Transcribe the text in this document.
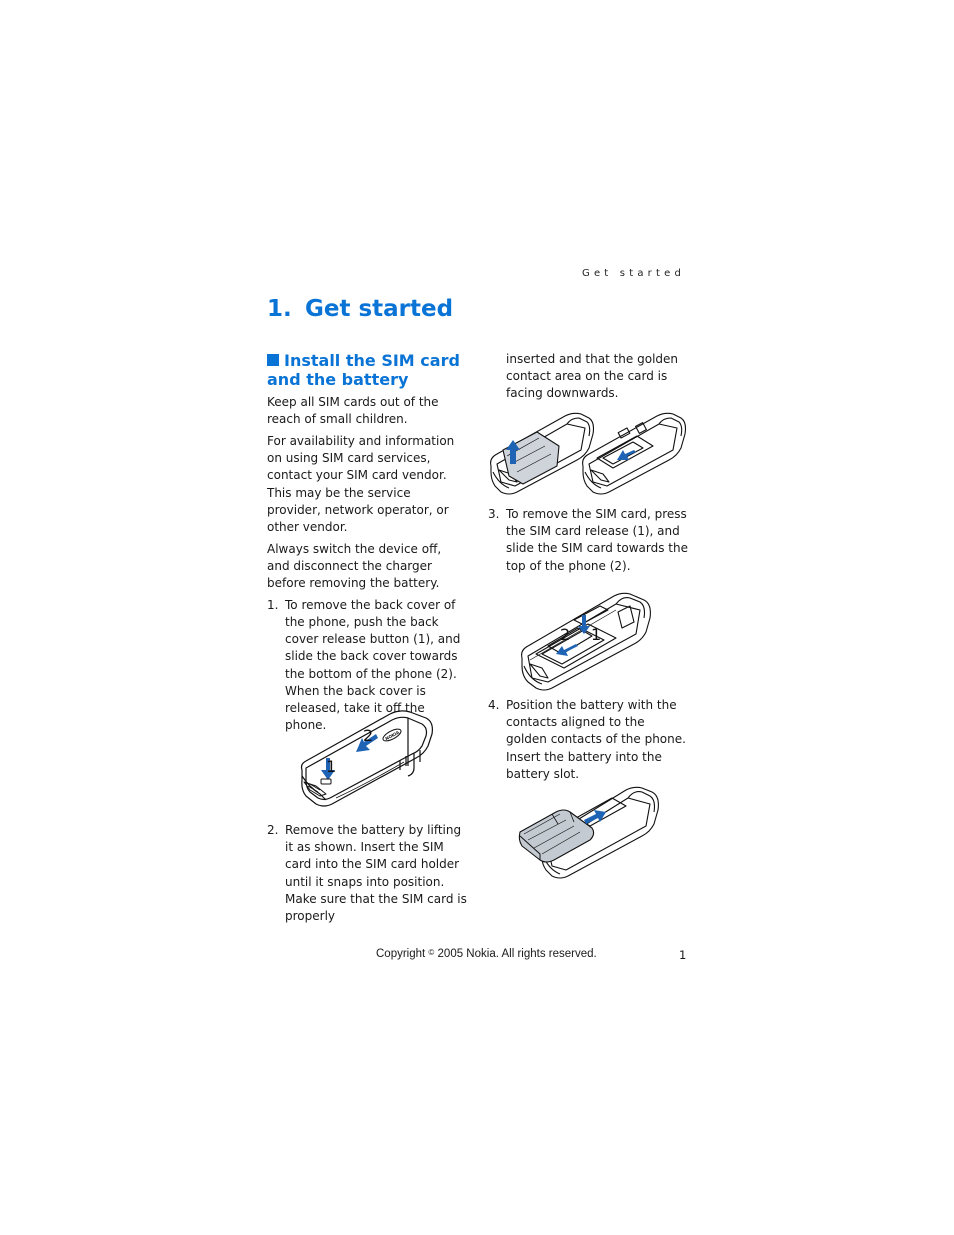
Get started
1. Get started
Install the SIM card and the battery

Keep all SIM cards out of the reach of small children.

For availability and information on using SIM card services, contact your SIM card vendor. This may be the service provider, network operator, or other vendor.

Always switch the device off, and disconnect the charger before removing the battery.

1. To remove the back cover of the phone, push the back cover release button (1), and slide the back cover towards the bottom of the phone (2). When the back cover is released, take it off the phone.
NOKIA
1
2
2. Remove the battery by lifting it as shown. Insert the SIM card into the SIM card holder until it snaps into position. Make sure that the SIM card is properly
inserted and that the golden contact area on the card is facing downwards.
3. To remove the SIM card, press the SIM card release (1), and slide the SIM card towards the top of the phone (2).
2 1
4. Position the battery with the contacts aligned to the golden contacts of the phone. Insert the battery into the battery slot.
Copyright © 2005 Nokia. All rights reserved.	1
